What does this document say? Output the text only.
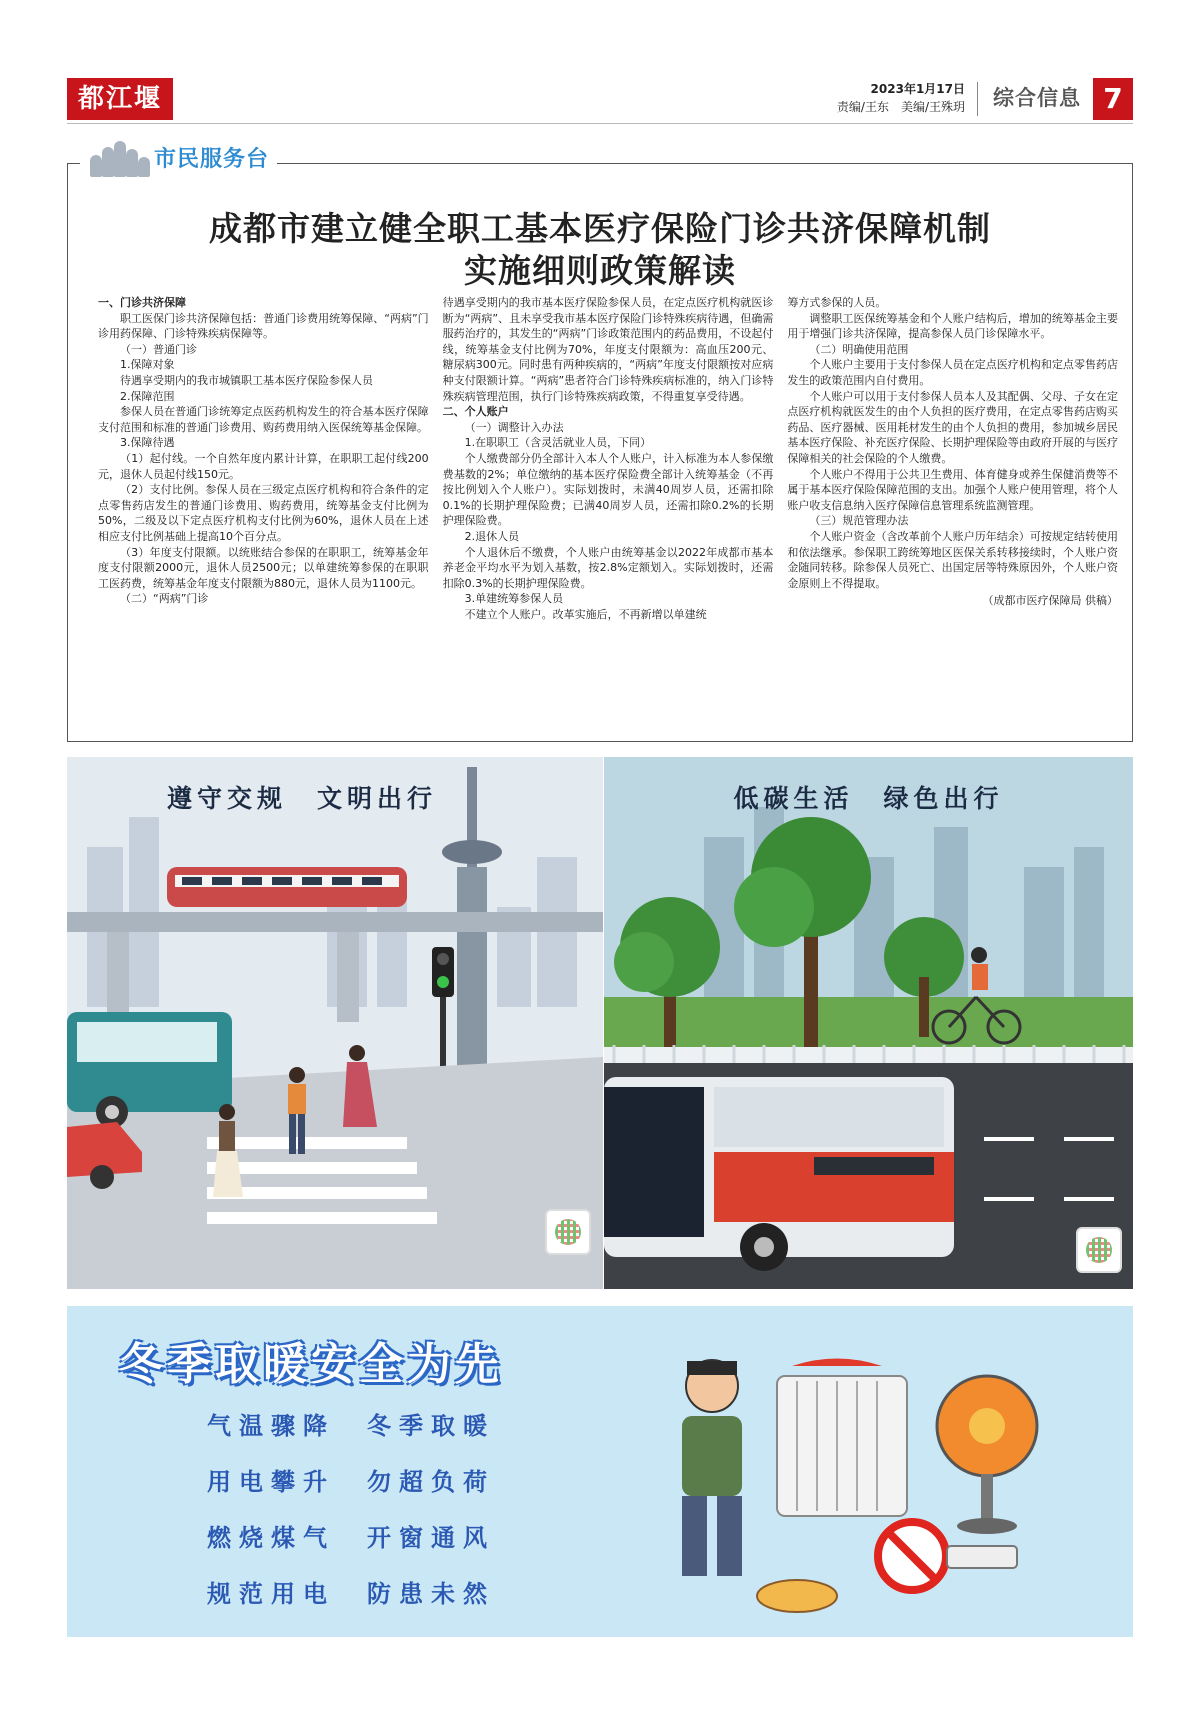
都江堰	2023年1月17日
责编/王东　美编/王殊玥 综合信息 7
市民服务台
成都市建立健全职工基本医疗保险门诊共济保障机制
实施细则政策解读

一、门诊共济保障

职工医保门诊共济保障包括：普通门诊费用统筹保障、“两病”门诊用药保障、门诊特殊疾病保障等。

（一）普通门诊

1.保障对象

待遇享受期内的我市城镇职工基本医疗保险参保人员

2.保障范围

参保人员在普通门诊统筹定点医药机构发生的符合基本医疗保障支付范围和标准的普通门诊费用、购药费用纳入医保统筹基金保障。

3.保障待遇

（1）起付线。一个自然年度内累计计算，在职职工起付线200元，退休人员起付线150元。

（2）支付比例。参保人员在三级定点医疗机构和符合条件的定点零售药店发生的普通门诊费用、购药费用，统筹基金支付比例为50%，二级及以下定点医疗机构支付比例为60%，退休人员在上述相应支付比例基础上提高10个百分点。

（3）年度支付限额。以统账结合参保的在职职工，统筹基金年度支付限额2000元，退休人员2500元；以单建统筹参保的在职职工医药费，统筹基金年度支付限额为880元，退休人员为1100元。

（二）“两病”门诊

待遇享受期内的我市基本医疗保险参保人员，在定点医疗机构就医诊断为“两病”、且未享受我市基本医疗保险门诊特殊疾病待遇，但确需服药治疗的，其发生的“两病”门诊政策范围内的药品费用，不设起付线，统筹基金支付比例为70%，年度支付限额为：高血压200元、糖尿病300元。同时患有两种疾病的，“两病”年度支付限额按对应病种支付限额计算。“两病”患者符合门诊特殊疾病标准的，纳入门诊特殊疾病管理范围，执行门诊特殊疾病政策，不得重复享受待遇。

二、个人账户

（一）调整计入办法

1.在职职工（含灵活就业人员，下同）

个人缴费部分仍全部计入本人个人账户，计入标准为本人参保缴费基数的2%；单位缴纳的基本医疗保险费全部计入统筹基金（不再按比例划入个人账户）。实际划拨时，未满40周岁人员，还需扣除0.1%的长期护理保险费；已满40周岁人员，还需扣除0.2%的长期护理保险费。

2.退休人员

个人退休后不缴费，个人账户由统筹基金以2022年成都市基本养老金平均水平为划入基数，按2.8%定额划入。实际划拨时，还需扣除0.3%的长期护理保险费。

3.单建统筹参保人员

不建立个人账户。改革实施后，不再新增以单建统

筹方式参保的人员。

调整职工医保统筹基金和个人账户结构后，增加的统筹基金主要用于增强门诊共济保障，提高参保人员门诊保障水平。

（二）明确使用范围

个人账户主要用于支付参保人员在定点医疗机构和定点零售药店发生的政策范围内自付费用。

个人账户可以用于支付参保人员本人及其配偶、父母、子女在定点医疗机构就医发生的由个人负担的医疗费用，在定点零售药店购买药品、医疗器械、医用耗材发生的由个人负担的费用，参加城乡居民基本医疗保险、补充医疗保险、长期护理保险等由政府开展的与医疗保障相关的社会保险的个人缴费。

个人账户不得用于公共卫生费用、体育健身或养生保健消费等不属于基本医疗保险保障范围的支出。加强个人账户使用管理，将个人账户收支信息纳入医疗保障信息管理系统监测管理。

（三）规范管理办法

个人账户资金（含改革前个人账户历年结余）可按规定结转使用和依法继承。参保职工跨统筹地区医保关系转移接续时，个人账户资金随同转移。除参保人员死亡、出国定居等特殊原因外，个人账户资金原则上不得提取。

（成都市医疗保障局 供稿）

遵守交规　文明出行	低碳生活　绿色出行
冬季取暖安全为先
气温骤降 冬季取暖
用电攀升 勿超负荷
燃烧煤气 开窗通风
规范用电 防患未然
